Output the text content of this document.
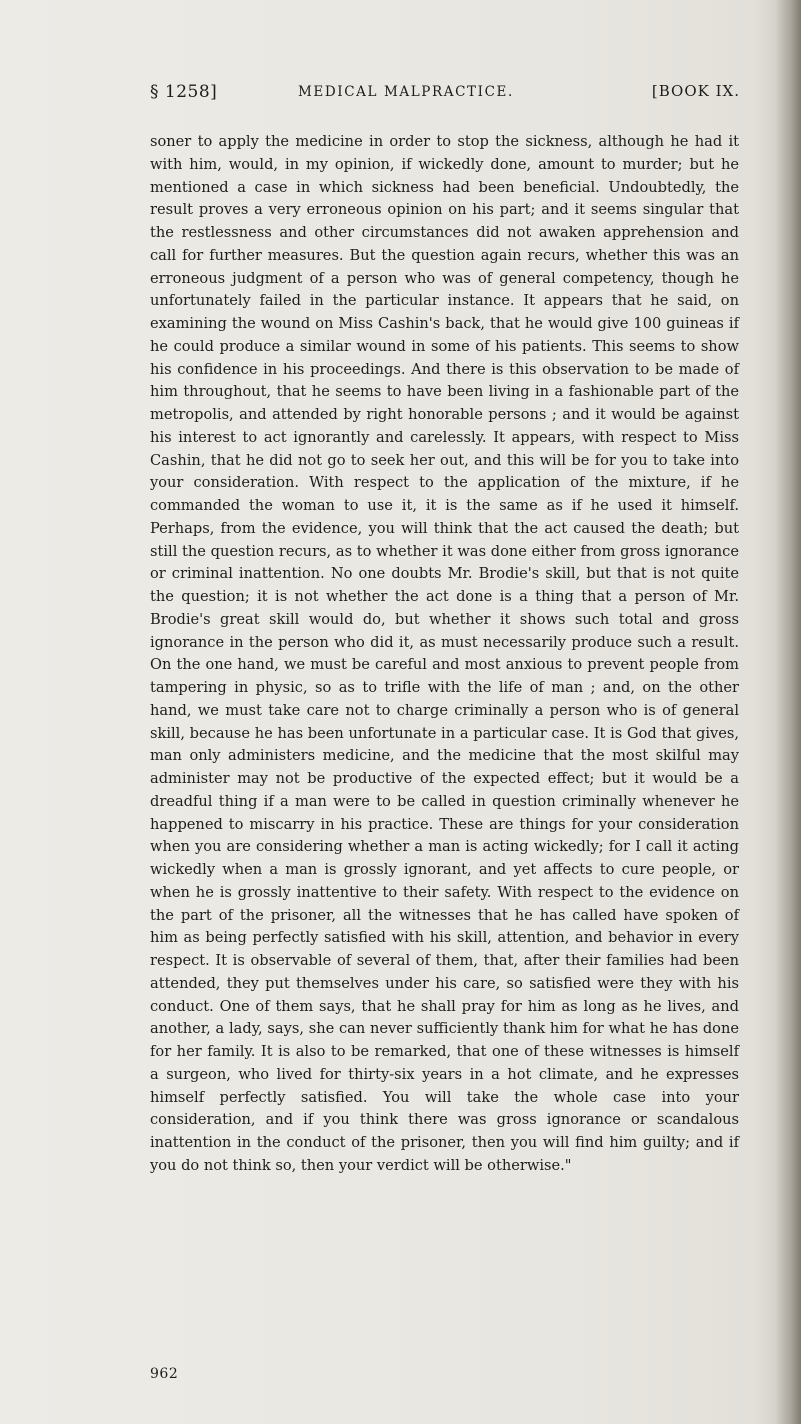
§ 1258]	MEDICAL MALPRACTICE.	[BOOK IX.

soner to apply the medicine in order to stop the sickness, although he had it with him, would, in my opinion, if wickedly done, amount to murder; but he mentioned a case in which sickness had been beneficial. Undoubtedly, the result proves a very erroneous opinion on his part; and it seems singular that the restlessness and other circumstances did not awaken apprehension and call for further measures. But the question again recurs, whether this was an erroneous judgment of a person who was of general competency, though he unfortunately failed in the particular instance. It appears that he said, on examining the wound on Miss Cashin's back, that he would give 100 guineas if he could produce a similar wound in some of his patients. This seems to show his confidence in his proceedings. And there is this observation to be made of him throughout, that he seems to have been living in a fashionable part of the metropolis, and attended by right honorable persons ; and it would be against his interest to act ignorantly and carelessly. It appears, with respect to Miss Cashin, that he did not go to seek her out, and this will be for you to take into your consideration. With respect to the application of the mixture, if he commanded the woman to use it, it is the same as if he used it himself. Perhaps, from the evidence, you will think that the act caused the death; but still the question recurs, as to whether it was done either from gross ignorance or criminal inattention. No one doubts Mr. Brodie's skill, but that is not quite the question; it is not whether the act done is a thing that a person of Mr. Brodie's great skill would do, but whether it shows such total and gross ignorance in the person who did it, as must necessarily produce such a result. On the one hand, we must be careful and most anxious to prevent people from tampering in physic, so as to trifle with the life of man ; and, on the other hand, we must take care not to charge criminally a person who is of general skill, because he has been unfortunate in a particular case. It is God that gives, man only administers medicine, and the medicine that the most skilful may administer may not be productive of the expected effect; but it would be a dreadful thing if a man were to be called in question criminally whenever he happened to miscarry in his practice. These are things for your consideration when you are considering whether a man is acting wickedly; for I call it acting wickedly when a man is grossly ignorant, and yet affects to cure people, or when he is grossly inattentive to their safety. With respect to the evidence on the part of the prisoner, all the witnesses that he has called have spoken of him as being perfectly satisfied with his skill, attention, and behavior in every respect. It is observable of several of them, that, after their families had been attended, they put themselves under his care, so satisfied were they with his conduct. One of them says, that he shall pray for him as long as he lives, and another, a lady, says, she can never sufficiently thank him for what he has done for her family. It is also to be remarked, that one of these witnesses is himself a surgeon, who lived for thirty-six years in a hot climate, and he expresses himself perfectly satisfied. You will take the whole case into your consideration, and if you think there was gross ignorance or scandalous inattention in the conduct of the prisoner, then you will find him guilty; and if you do not think so, then your verdict will be otherwise."

962
